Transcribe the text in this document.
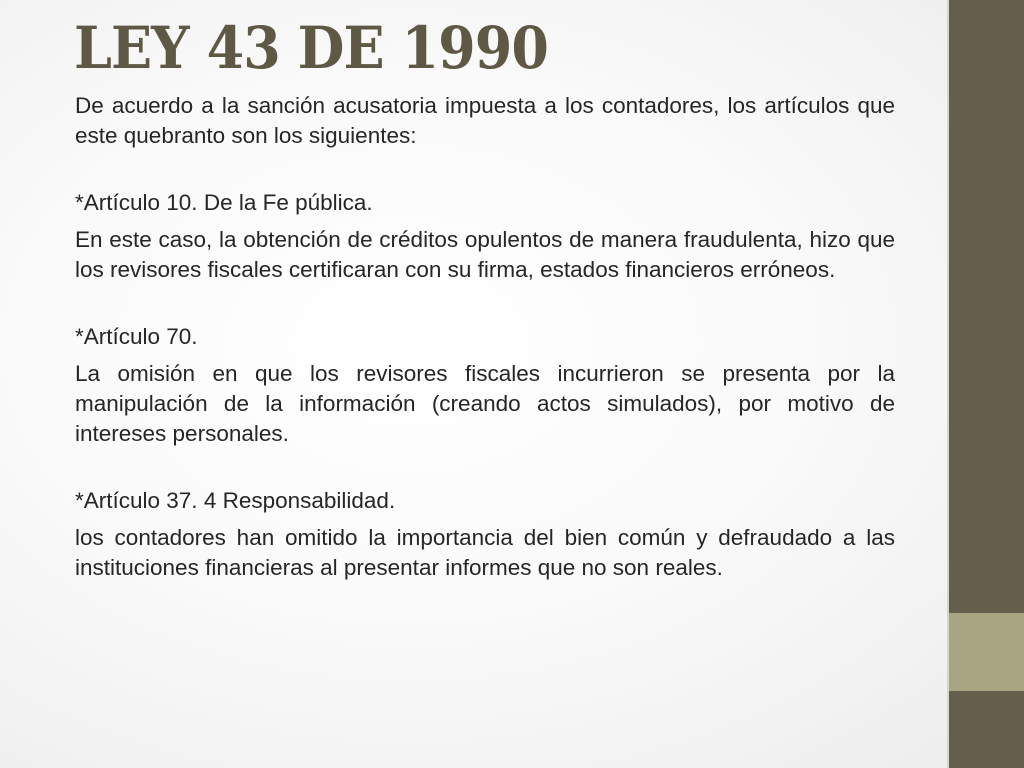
LEY 43 DE 1990

De acuerdo a la sanción acusatoria impuesta a los contadores, los artículos que este quebranto son los siguientes:

*Artículo 10. De la Fe pública.

En este caso, la obtención de créditos opulentos de manera fraudulenta, hizo que los revisores fiscales certificaran con su firma, estados financieros erróneos.

*Artículo 70.

La omisión en que los revisores fiscales incurrieron se presenta por la manipulación de la información (creando actos simulados), por motivo de intereses personales.

*Artículo 37. 4 Responsabilidad.

los contadores han omitido la importancia del bien común y defraudado a las instituciones financieras al presentar informes que no son reales.
